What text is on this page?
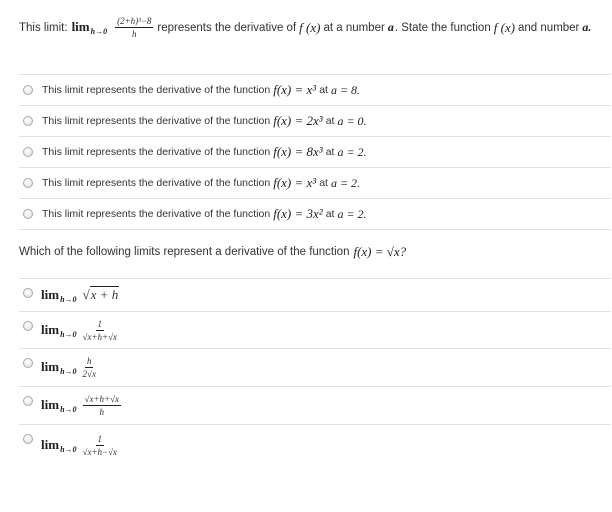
This limit: $\lim_{h\to 0} \frac{\text{(2+h)³−8}}{h}$ represents the derivative of f (x) at a number a . State the function f (x) and number a.
This limit represents the derivative of the function f(x) = x³ at a = 8.
This limit represents the derivative of the function f(x) = 2x³ at a = 0.
This limit represents the derivative of the function f(x) = 8x³ at a = 2.
This limit represents the derivative of the function f(x) = x³ at a = 2.
This limit represents the derivative of the function f(x) = 3x² at a = 2.
Which of the following limits represent a derivative of the function f(x) = √x?
$\lim_{h\to 0} √x + h$
$\lim_{h\to 0} \frac{1}{√x+h+√x}$
$\lim_{h\to 0} \frac{h}{2√x}$
$\lim_{h\to 0} \frac{√x+h+√x}{h}$
$\lim_{h\to 0} \frac{1}{√x+h-√x}$
